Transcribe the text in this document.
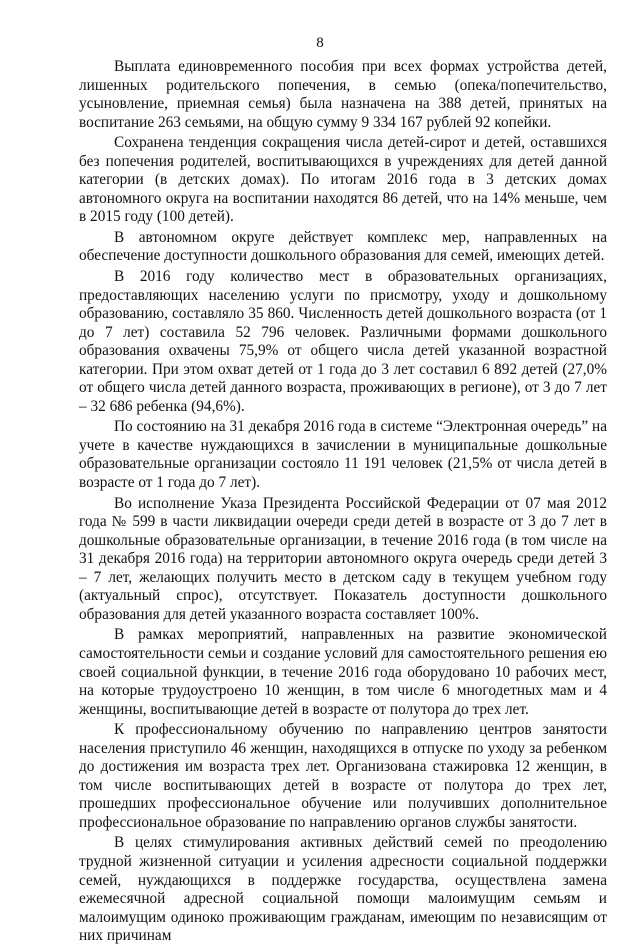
8

Выплата единовременного пособия при всех формах устройства детей, лишенных родительского попечения, в семью (опека/попечительство, усыновление, приемная семья) была назначена на 388 детей, принятых на воспитание 263 семьями, на общую сумму 9 334 167 рублей 92 копейки.

Сохранена тенденция сокращения числа детей-сирот и детей, оставшихся без попечения родителей, воспитывающихся в учреждениях для детей данной категории (в детских домах). По итогам 2016 года в 3 детских домах автономного округа на воспитании находятся 86 детей, что на 14% меньше, чем в 2015 году (100 детей).

В автономном округе действует комплекс мер, направленных на обеспечение доступности дошкольного образования для семей, имеющих детей.

В 2016 году количество мест в образовательных организациях, предоставляющих населению услуги по присмотру, уходу и дошкольному образованию, составляло 35 860. Численность детей дошкольного возраста (от 1 до 7 лет) составила 52 796 человек. Различными формами дошкольного образования охвачены 75,9% от общего числа детей указанной возрастной категории. При этом охват детей от 1 года до 3 лет составил 6 892 детей (27,0% от общего числа детей данного возраста, проживающих в регионе), от 3 до 7 лет – 32 686 ребенка (94,6%).

По состоянию на 31 декабря 2016 года в системе “Электронная очередь” на учете в качестве нуждающихся в зачислении в муниципальные дошкольные образовательные организации состояло 11 191 человек (21,5% от числа детей в возрасте от 1 года до 7 лет).

Во исполнение Указа Президента Российской Федерации от 07 мая 2012 года № 599 в части ликвидации очереди среди детей в возрасте от 3 до 7 лет в дошкольные образовательные организации, в течение 2016 года (в том числе на 31 декабря 2016 года) на территории автономного округа очередь среди детей 3 – 7 лет, желающих получить место в детском саду в текущем учебном году (актуальный спрос), отсутствует. Показатель доступности дошкольного образования для детей указанного возраста составляет 100%.

В рамках мероприятий, направленных на развитие экономической самостоятельности семьи и создание условий для самостоятельного решения ею своей социальной функции, в течение 2016 года оборудовано 10 рабочих мест, на которые трудоустроено 10 женщин, в том числе 6 многодетных мам и 4 женщины, воспитывающие детей в возрасте от полутора до трех лет.

К профессиональному обучению по направлению центров занятости населения приступило 46 женщин, находящихся в отпуске по уходу за ребенком до достижения им возраста трех лет. Организована стажировка 12 женщин, в том числе воспитывающих детей в возрасте от полутора до трех лет, прошедших профессиональное обучение или получивших дополнительное профессиональное образование по направлению органов службы занятости.

В целях стимулирования активных действий семей по преодолению трудной жизненной ситуации и усиления адресности социальной поддержки семей, нуждающихся в поддержке государства, осуществлена замена ежемесячной адресной социальной помощи малоимущим семьям и малоимущим одиноко проживающим гражданам, имеющим по независящим от них причинам
